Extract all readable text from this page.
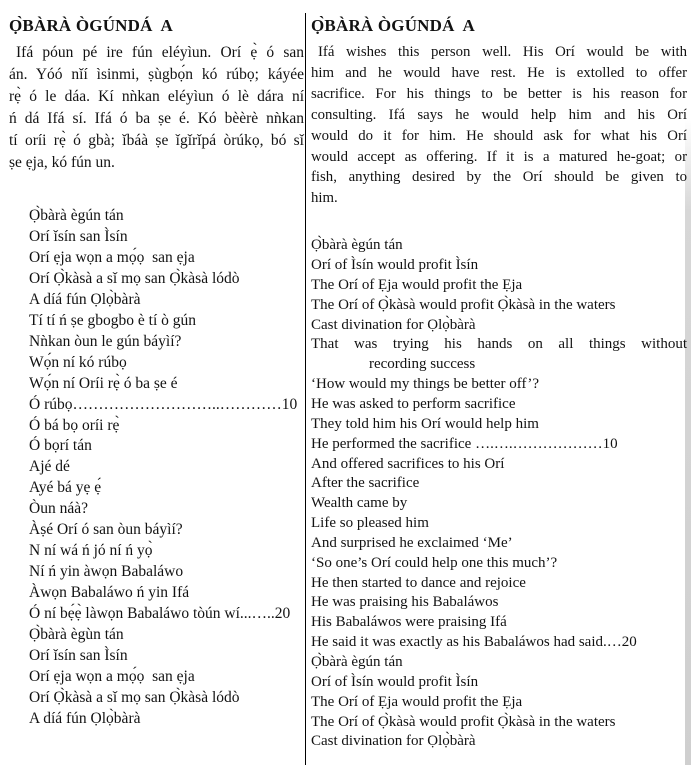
Ọ̀BÀRÀ ÒGÚNDÁ  A
Ifá póun pé ire fún eléyìun. Orí ẹ̀ ó san
án. Yóó nǐí ìsinmi, ṣùgbọ́n kó rúbọ; káyée
rẹ̀ ó le dáa. Kí nǹkan eléyìun ó lè dára ní
ń dá Ifá sí. Ifá ó ba ṣe é. Kó bèèrè nǹkan
tí oríi rẹ̀ ó gbà; ǐbáà ṣe ǐgǐrǐpá òrúkọ, bó sǐ
ṣe ẹja, kó fún un.
Ọ̀bàrà ègún tán
Orí ǐsín san Ìsín
Orí ẹja wọn a mọ́ọ  san ẹja
Orí Ọ̀kàsà a sǐ mọ san Ọ̀kàsà lódò
A díá fún Ọlọ̀bàrà
Tí tí ń ṣe gbogbo è tí ò gún
Nǹkan òun le gún báyìí?
Wọ́n ní kó rúbọ
Wọ́n ní Oríi rẹ̀ ó ba ṣe é
Ó rúbọ………………………..…………10
Ó bá bọ oríi rẹ̀
Ó bọrí tán
Ajé dé
Ayé bá yẹ ẹ́
Òun náà?
Àṣé Orí ó san òun báyìí?
N ní wá ń jó ní ń yọ̀
Ní ń yin àwọn Babaláwo
Àwọn Babaláwo ń yin Ifá
Ó ní bẹ́ẹ̀ làwọn Babaláwo tòún wí...…..20
Ọ̀bàrà ègùn tán
Orí ǐsín san Ìsín
Orí ẹja wọn a mọ́ọ  san ẹja
Orí Ọ̀kàsà a sǐ mọ san Ọ̀kàsà lódò
A díá fún Ọlọ̀bàrà
Ọ̀BÀRÀ ÒGÚNDÁ  A
Ifá wishes this person well. His Orí would be with
him and he would have rest. He is extolled to offer
sacrifice. For his things to be better is his reason for
consulting. Ifá says he would help him and his Orí
would do it for him. He should ask for what his Orí
would accept as offering. If it is a matured he-goat; or
fish, anything desired by the Orí should be given to
him.
Ọ̀bàrà ègún tán
Orí of Ìsín would profit Ìsín
The Orí of Ẹja would profit the Ẹja
The Orí of Ọ̀kàsà would profit Ọ̀kàsà in the waters
Cast divination for Ọlọ̀bàrà
That was trying his hands on all things without
recording success
‘How would my things be better off’?
He was asked to perform sacrifice
They told him his Orí would help him
He performed the sacrifice ….….………………10
And offered sacrifices to his Orí
After the sacrifice
Wealth came by
Life so pleased him
And surprised he exclaimed ‘Me’
‘So one’s Orí could help one this much’?
He then started to dance and rejoice
He was praising his Babaláwos
His Babaláwos were praising Ifá
He said it was exactly as his Babaláwos had said.…20
Ọ̀bàrà ègún tán
Orí of Ìsín would profit Ìsín
The Orí of Ẹja would profit the Ẹja
The Orí of Ọ̀kàsà would profit Ọ̀kàsà in the waters
Cast divination for Ọlọ̀bàrà
